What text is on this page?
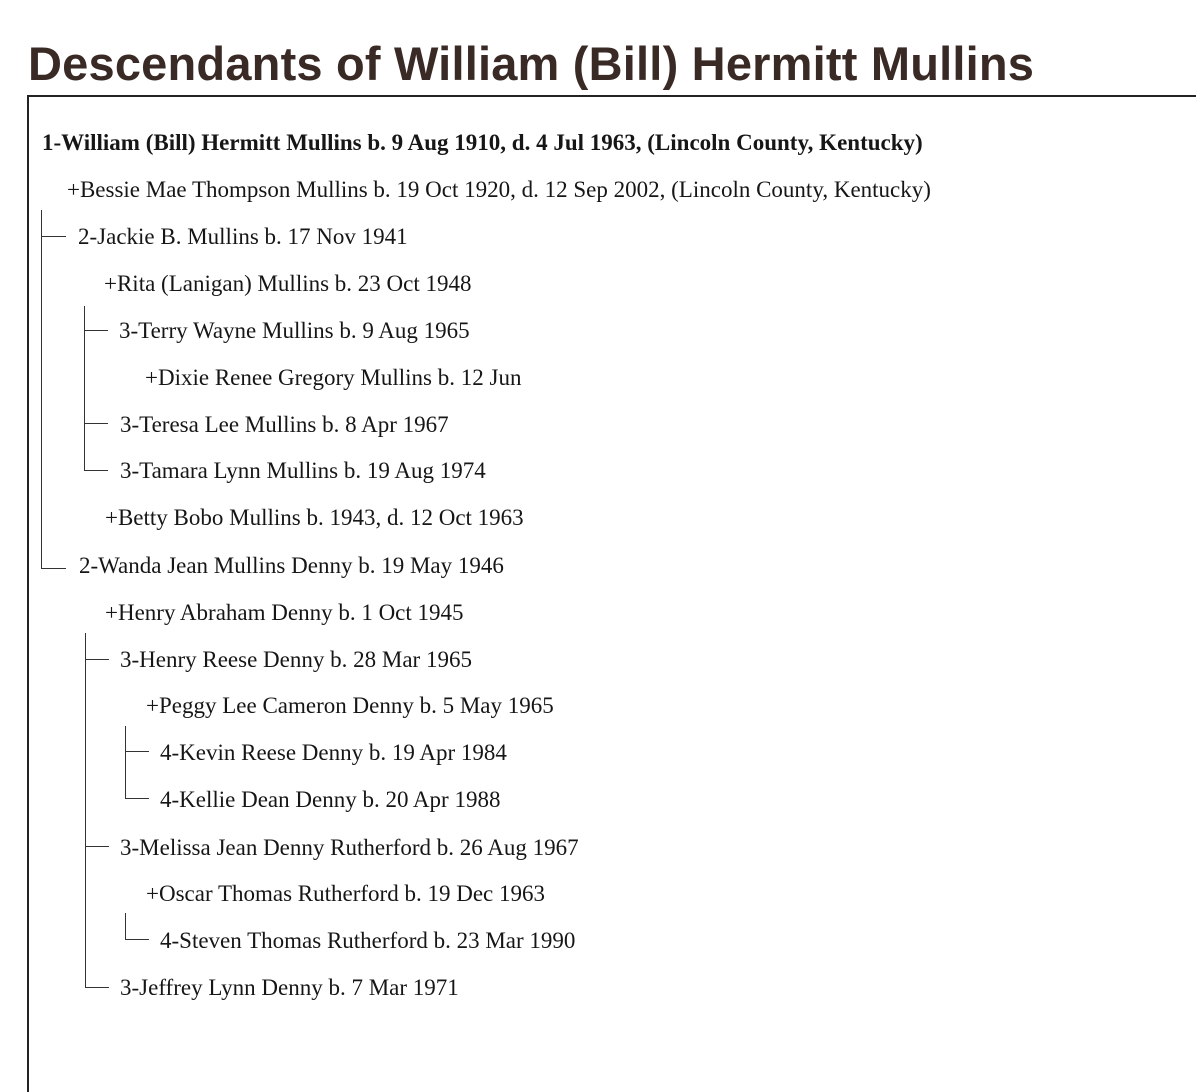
Descendants of William (Bill) Hermitt Mullins
1-William (Bill) Hermitt Mullins b. 9 Aug 1910, d. 4 Jul 1963, (Lincoln County, Kentucky)
+Bessie Mae Thompson Mullins b. 19 Oct 1920, d. 12 Sep 2002, (Lincoln County, Kentucky)
2-Jackie B. Mullins b. 17 Nov 1941
+Rita (Lanigan) Mullins b. 23 Oct 1948
3-Terry Wayne Mullins b. 9 Aug 1965
+Dixie Renee Gregory Mullins b. 12 Jun
3-Teresa Lee Mullins b. 8 Apr 1967
3-Tamara Lynn Mullins b. 19 Aug 1974
+Betty Bobo Mullins b. 1943, d. 12 Oct 1963
2-Wanda Jean Mullins Denny b. 19 May 1946
+Henry Abraham Denny b. 1 Oct 1945
3-Henry Reese Denny b. 28 Mar 1965
+Peggy Lee Cameron Denny b. 5 May 1965
4-Kevin Reese Denny b. 19 Apr 1984
4-Kellie Dean Denny b. 20 Apr 1988
3-Melissa Jean Denny Rutherford b. 26 Aug 1967
+Oscar Thomas Rutherford b. 19 Dec 1963
4-Steven Thomas Rutherford b. 23 Mar 1990
3-Jeffrey Lynn Denny b. 7 Mar 1971
